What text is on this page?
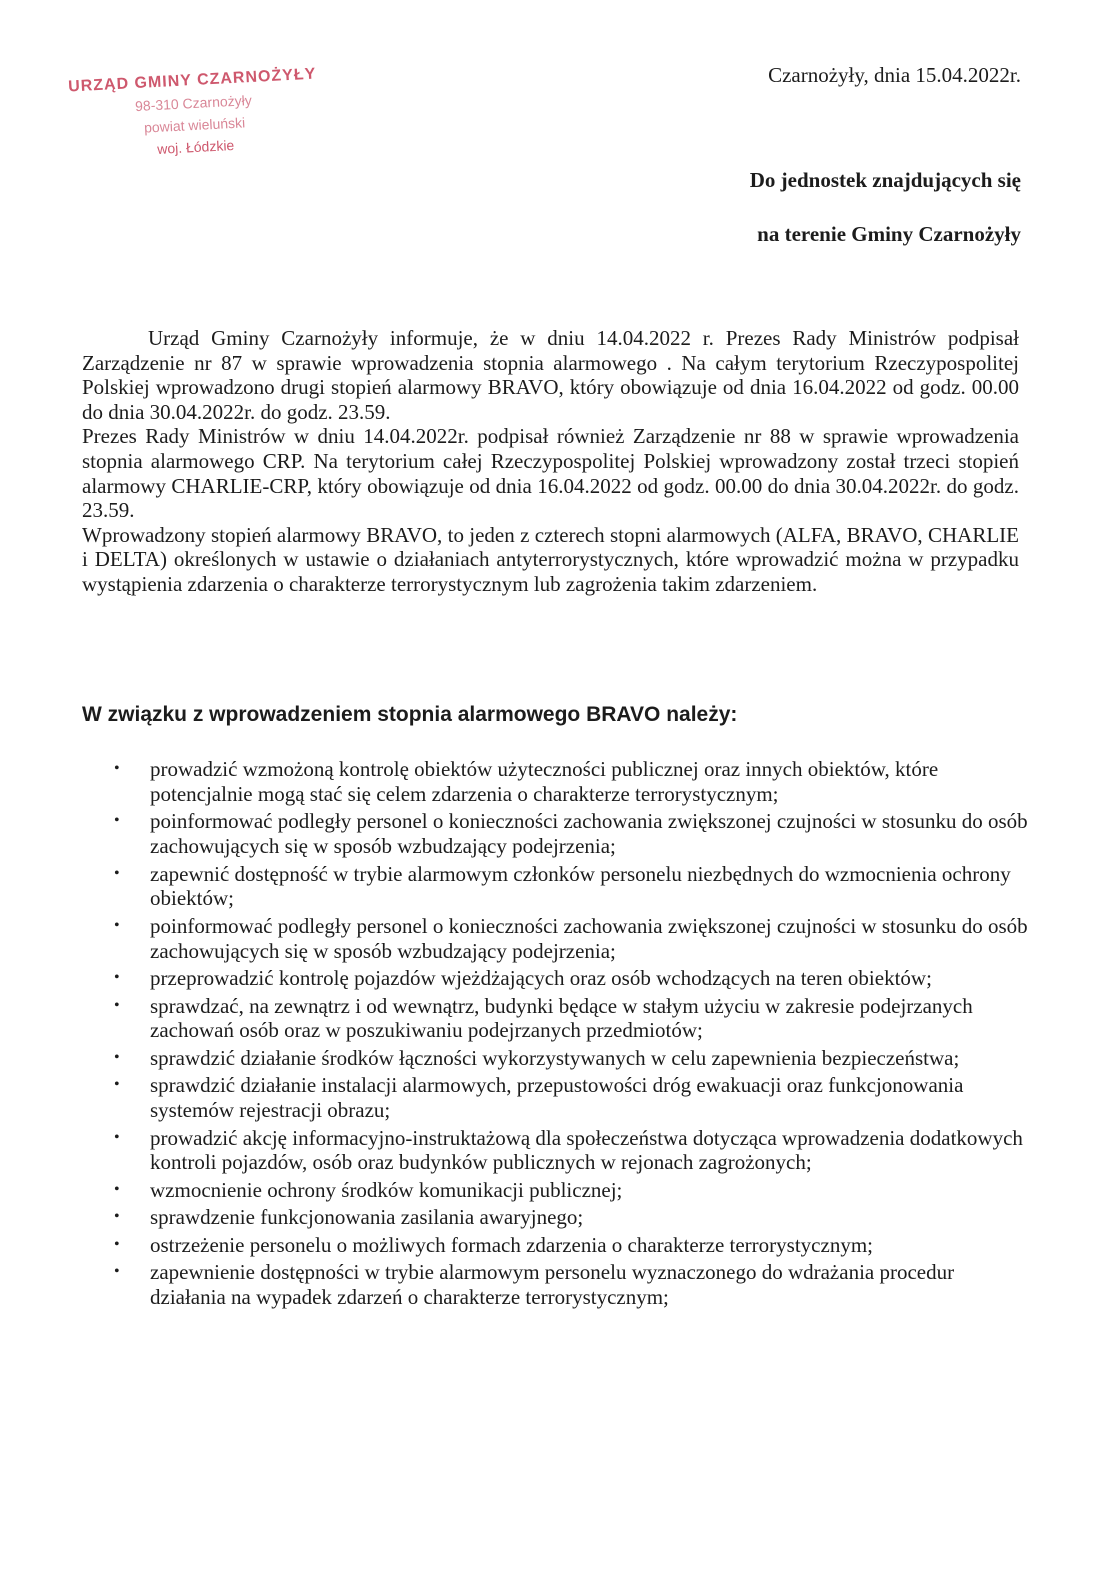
URZĄD GMINY CZARNOŻYŁY
98-310 Czarnożyły
powiat wieluński
woj. Łódzkie
Czarnożyły, dnia 15.04.2022r.
Do jednostek znajdujących się
na terenie Gminy Czarnożyły

Urząd Gminy Czarnożyły informuje, że w dniu 14.04.2022 r. Prezes Rady Ministrów podpisał Zarządzenie nr 87 w sprawie wprowadzenia stopnia alarmowego . Na całym terytorium Rzeczypospolitej Polskiej wprowadzono drugi stopień alarmowy BRAVO, który obowiązuje od dnia 16.04.2022 od godz. 00.00 do dnia 30.04.2022r. do godz. 23.59.

Prezes Rady Ministrów w dniu 14.04.2022r. podpisał również Zarządzenie nr 88 w sprawie wprowadzenia stopnia alarmowego CRP. Na terytorium całej Rzeczypospolitej Polskiej wprowadzony został trzeci stopień alarmowy CHARLIE-CRP, który obowiązuje od dnia 16.04.2022 od godz. 00.00 do dnia 30.04.2022r. do godz. 23.59.

Wprowadzony stopień alarmowy BRAVO, to jeden z czterech stopni alarmowych (ALFA, BRAVO, CHARLIE i DELTA) określonych w ustawie o działaniach antyterrorystycznych, które wprowadzić można w przypadku wystąpienia zdarzenia o charakterze terrorystycznym lub zagrożenia takim zdarzeniem.

W związku z wprowadzeniem stopnia alarmowego BRAVO należy:
• prowadzić wzmożoną kontrolę obiektów użyteczności publicznej oraz innych obiektów, które potencjalnie mogą stać się celem zdarzenia o charakterze terrorystycznym;
• poinformować podległy personel o konieczności zachowania zwiększonej czujności w stosunku do osób zachowujących się w sposób wzbudzający podejrzenia;
• zapewnić dostępność w trybie alarmowym członków personelu niezbędnych do wzmocnienia ochrony obiektów;
• poinformować podległy personel o konieczności zachowania zwiększonej czujności w stosunku do osób zachowujących się w sposób wzbudzający podejrzenia;
• przeprowadzić kontrolę pojazdów wjeżdżających oraz osób wchodzących na teren obiektów;
• sprawdzać, na zewnątrz i od wewnątrz, budynki będące w stałym użyciu w zakresie podejrzanych zachowań osób oraz w poszukiwaniu podejrzanych przedmiotów;
• sprawdzić działanie środków łączności wykorzystywanych w celu zapewnienia bezpieczeństwa;
• sprawdzić działanie instalacji alarmowych, przepustowości dróg ewakuacji oraz funkcjonowania systemów rejestracji obrazu;
• prowadzić akcję informacyjno-instruktażową dla społeczeństwa dotycząca wprowadzenia dodatkowych kontroli pojazdów, osób oraz budynków publicznych w rejonach zagrożonych;
• wzmocnienie ochrony środków komunikacji publicznej;
• sprawdzenie funkcjonowania zasilania awaryjnego;
• ostrzeżenie personelu o możliwych formach zdarzenia o charakterze terrorystycznym;
• zapewnienie dostępności w trybie alarmowym personelu wyznaczonego do wdrażania procedur działania na wypadek zdarzeń o charakterze terrorystycznym;
